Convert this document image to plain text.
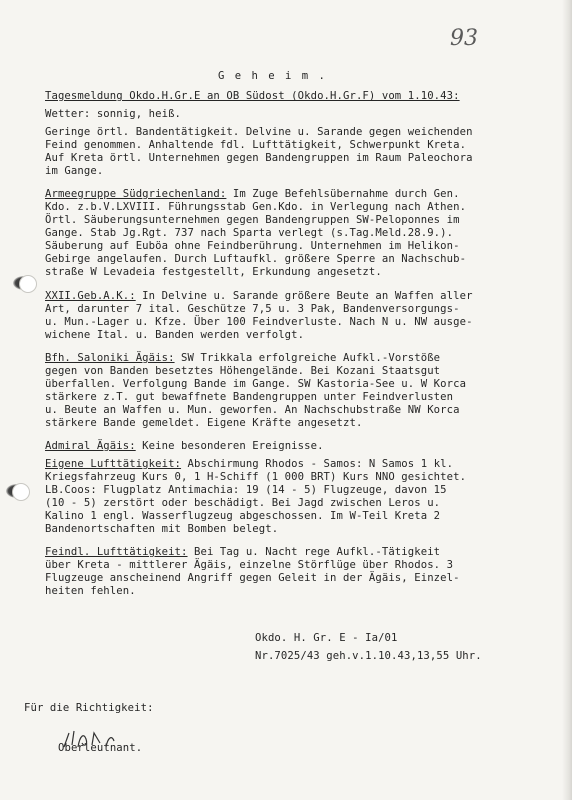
93
G e h e i m .
Tagesmeldung Okdo.H.Gr.E an OB Südost (Okdo.H.Gr.F) vom 1.10.43:
Wetter: sonnig, heiß.
Geringe örtl. Bandentätigkeit. Delvine u. Sarande gegen weichenden
Feind genommen. Anhaltende fdl. Lufttätigkeit, Schwerpunkt Kreta.
Auf Kreta örtl. Unternehmen gegen Bandengruppen im Raum Paleochora
im Gange.
Armeegruppe Südgriechenland: Im Zuge Befehlsübernahme durch Gen.
Kdo. z.b.V.LXVIII. Führungsstab Gen.Kdo. in Verlegung nach Athen.
Örtl. Säuberungsunternehmen gegen Bandengruppen SW-Peloponnes im
Gange. Stab Jg.Rgt. 737 nach Sparta verlegt (s.Tag.Meld.28.9.).
Säuberung auf Euböa ohne Feindberührung. Unternehmen im Helikon-
Gebirge angelaufen. Durch Luftaufkl. größere Sperre an Nachschub-
straße W Levadeia festgestellt, Erkundung angesetzt.
XXII.Geb.A.K.: In Delvine u. Sarande größere Beute an Waffen aller
Art, darunter 7 ital. Geschütze 7,5 u. 3 Pak, Bandenversorgungs-
u. Mun.-Lager u. Kfze. Über 100 Feindverluste. Nach N u. NW ausge-
wichene Ital. u. Banden werden verfolgt.
Bfh. Saloniki Ägäis: SW Trikkala erfolgreiche Aufkl.-Vorstöße
gegen von Banden besetztes Höhengelände. Bei Kozani Staatsgut
überfallen. Verfolgung Bande im Gange. SW Kastoria-See u. W Korca
stärkere z.T. gut bewaffnete Bandengruppen unter Feindverlusten
u. Beute an Waffen u. Mun. geworfen. An Nachschubstraße NW Korca
stärkere Bande gemeldet. Eigene Kräfte angesetzt.
Admiral Ägäis: Keine besonderen Ereignisse.
Eigene Lufttätigkeit: Abschirmung Rhodos - Samos: N Samos 1 kl.
Kriegsfahrzeug Kurs 0, 1 H-Schiff (1 000 BRT) Kurs NNO gesichtet.
LB.Coos: Flugplatz Antimachia: 19 (14 - 5) Flugzeuge, davon 15
(10 - 5) zerstört oder beschädigt. Bei Jagd zwischen Leros u.
Kalino 1 engl. Wasserflugzeug abgeschossen. Im W-Teil Kreta 2
Bandenortschaften mit Bomben belegt.
Feindl. Lufttätigkeit: Bei Tag u. Nacht rege Aufkl.-Tätigkeit
über Kreta - mittlerer Ägäis, einzelne Störflüge über Rhodos. 3
Flugzeuge anscheinend Angriff gegen Geleit in der Ägäis, Einzel-
heiten fehlen.
Okdo. H. Gr. E - Ia/01
Nr.7025/43 geh.v.1.10.43,13,55 Uhr.
Für die Richtigkeit:
Oberleutnant.
